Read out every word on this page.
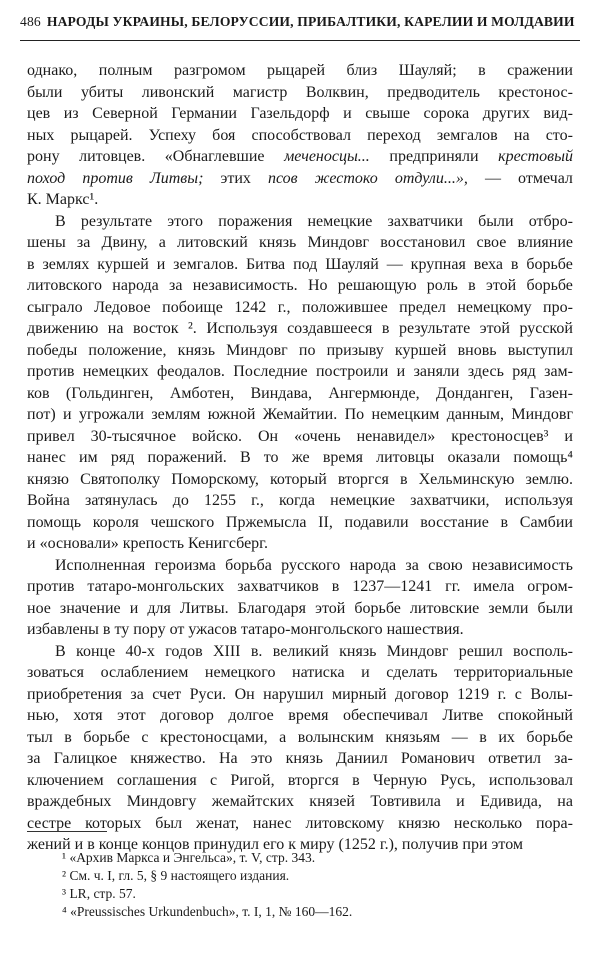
486 НАРОДЫ УКРАИНЫ, БЕЛОРУССИИ, ПРИБАЛТИКИ, КАРЕЛИИ И МОЛДАВИИ
однако, полным разгромом рыцарей близ Шауляй; в сражении
были убиты ливонский магистр Волквин, предводитель крестонос-
цев из Северной Германии Газельдорф и свыше сорока других вид-
ных рыцарей. Успеху боя способствовал переход земгалов на сто-
рону литовцев. «Обнаглевшие меченосцы... предприняли крестовый
поход против Литвы; этих псов жестоко отдули...», — отмечал
К. Маркс¹.
В результате этого поражения немецкие захватчики были отбро-
шены за Двину, а литовский князь Миндовг восстановил свое влияние
в землях куршей и земгалов. Битва под Шауляй — крупная веха в борьбе
литовского народа за независимость. Но решающую роль в этой борьбе
сыграло Ледовое побоище 1242 г., положившее предел немецкому про-
движению на восток ². Используя создавшееся в результате этой русской
победы положение, князь Миндовг по призыву куршей вновь выступил
против немецких феодалов. Последние построили и заняли здесь ряд зам-
ков (Гольдинген, Амботен, Виндава, Ангермюнде, Донданген, Газен-
пот) и угрожали землям южной Жемайтии. По немецким данным, Миндовг
привел 30-тысячное войско. Он «очень ненавидел» крестоносцев³ и
нанес им ряд поражений. В то же время литовцы оказали помощь⁴
князю Святополку Поморскому, который вторгся в Хельминскую землю.
Война затянулась до 1255 г., когда немецкие захватчики, используя
помощь короля чешского Пржемысла II, подавили восстание в Самбии
и «основали» крепость Кенигсберг.
Исполненная героизма борьба русского народа за свою независимость
против татаро-монгольских захватчиков в 1237—1241 гг. имела огром-
ное значение и для Литвы. Благодаря этой борьбе литовские земли были
избавлены в ту пору от ужасов татаро-монгольского нашествия.
В конце 40-х годов XIII в. великий князь Миндовг решил восполь-
зоваться ослаблением немецкого натиска и сделать территориальные
приобретения за счет Руси. Он нарушил мирный договор 1219 г. с Волы-
нью, хотя этот договор долгое время обеспечивал Литве спокойный
тыл в борьбе с крестоносцами, а волынским князьям — в их борьбе
за Галицкое княжество. На это князь Даниил Романович ответил за-
ключением соглашения с Ригой, вторгся в Черную Русь, использовал
враждебных Миндовгу жемайтских князей Товтивила и Едивида, на
сестре которых был женат, нанес литовскому князю несколько пора-
жений и в конце концов принудил его к миру (1252 г.), получив при этом
¹ «Архив Маркса и Энгельса», т. V, стр. 343.
² См. ч. I, гл. 5, § 9 настоящего издания.
³ LR, стр. 57.
⁴ «Preussisches Urkundenbuch», т. I, 1, № 160—162.
